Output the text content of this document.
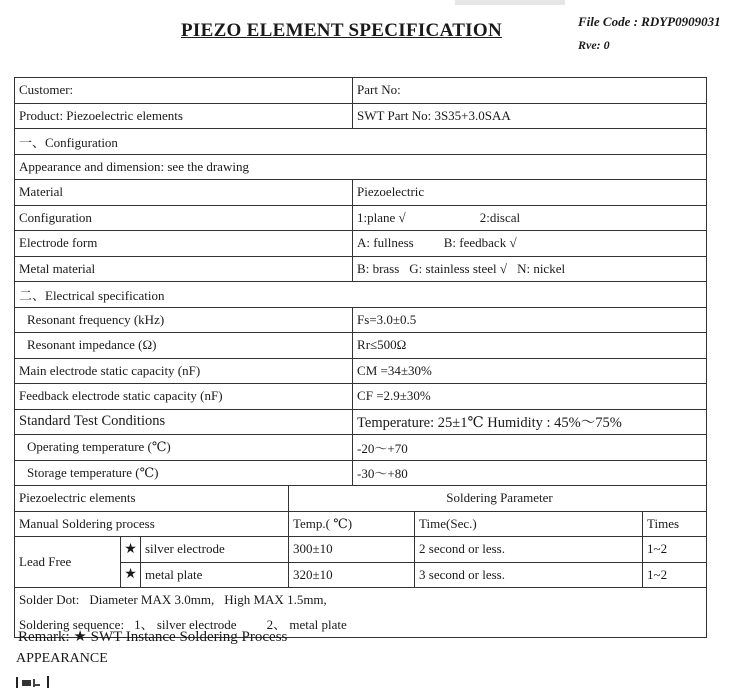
PIEZO ELEMENT SPECIFICATION	File Code : RDYP0909031
Rve: 0
Customer:				Part No:		
Product: Piezoelectric elements				SWT Part No: 3S35+3.0SAA		
一、Configuration						
Appearance and dimension: see the drawing						
Material				Piezoelectric		
Configuration				1:plane √ 2:discal		
Electrode form				A: fullness B: feedback √		
Metal material				B: brass G: stainless steel √ N: nickel		
二、Electrical specification						
Resonant frequency (kHz)				Fs=3.0±0.5		
Resonant impedance (Ω)				Rr≤500Ω		
Main electrode static capacity (nF)				CM =34±30%		
Feedback electrode static capacity (nF)				CF =2.9±30%		
Standard Test Conditions				Temperature: 25±1℃ Humidity : 45%～75%		
Operating temperature (℃)				-20～+70		
Storage temperature (℃)				-30～+80		
Piezoelectric elements			Soldering Parameter			
Manual Soldering process			Temp.( ℃)		Time(Sec.)	Times
Lead Free	★	silver electrode	300±10		2 second or less.	1~2
	★	metal plate	320±10		3 second or less.	1~2

Solder Dot: Diameter MAX 3.0mm, High MAX 1.5mm,
Soldering sequence: 1、 silver electrode 2、 metal plate						
Remark: ★ SWT Instance Soldering Process
APPEARANCE
